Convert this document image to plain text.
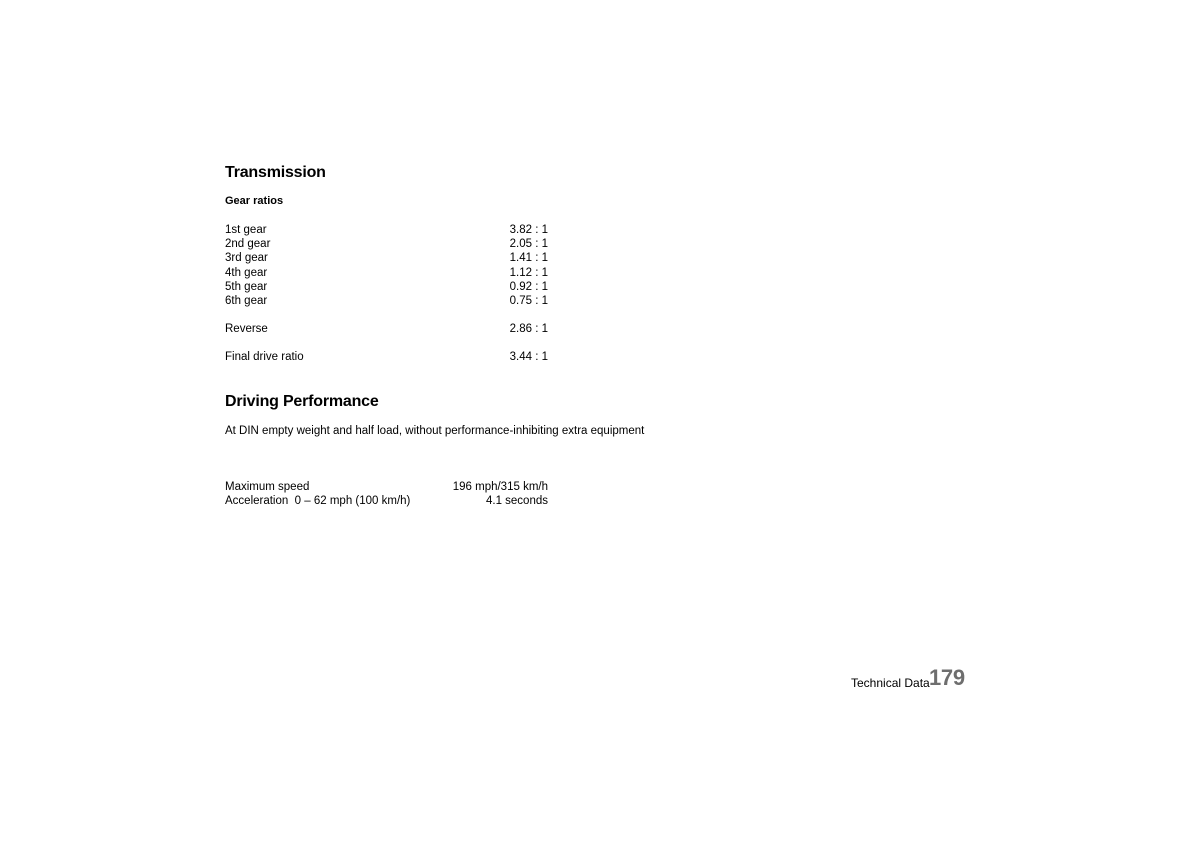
Transmission
Gear ratios
1st gear	3.82 : 1
2nd gear	2.05 : 1
3rd gear	1.41 : 1
4th gear	1.12 : 1
5th gear	0.92 : 1
6th gear	0.75 : 1
Reverse	2.86 : 1
Final drive ratio	3.44 : 1
Driving Performance
At DIN empty weight and half load, without performance-inhibiting extra equipment
Maximum speed	196 mph/315 km/h
Acceleration  0 – 62 mph (100 km/h)	4.1 seconds
Technical Data 179
